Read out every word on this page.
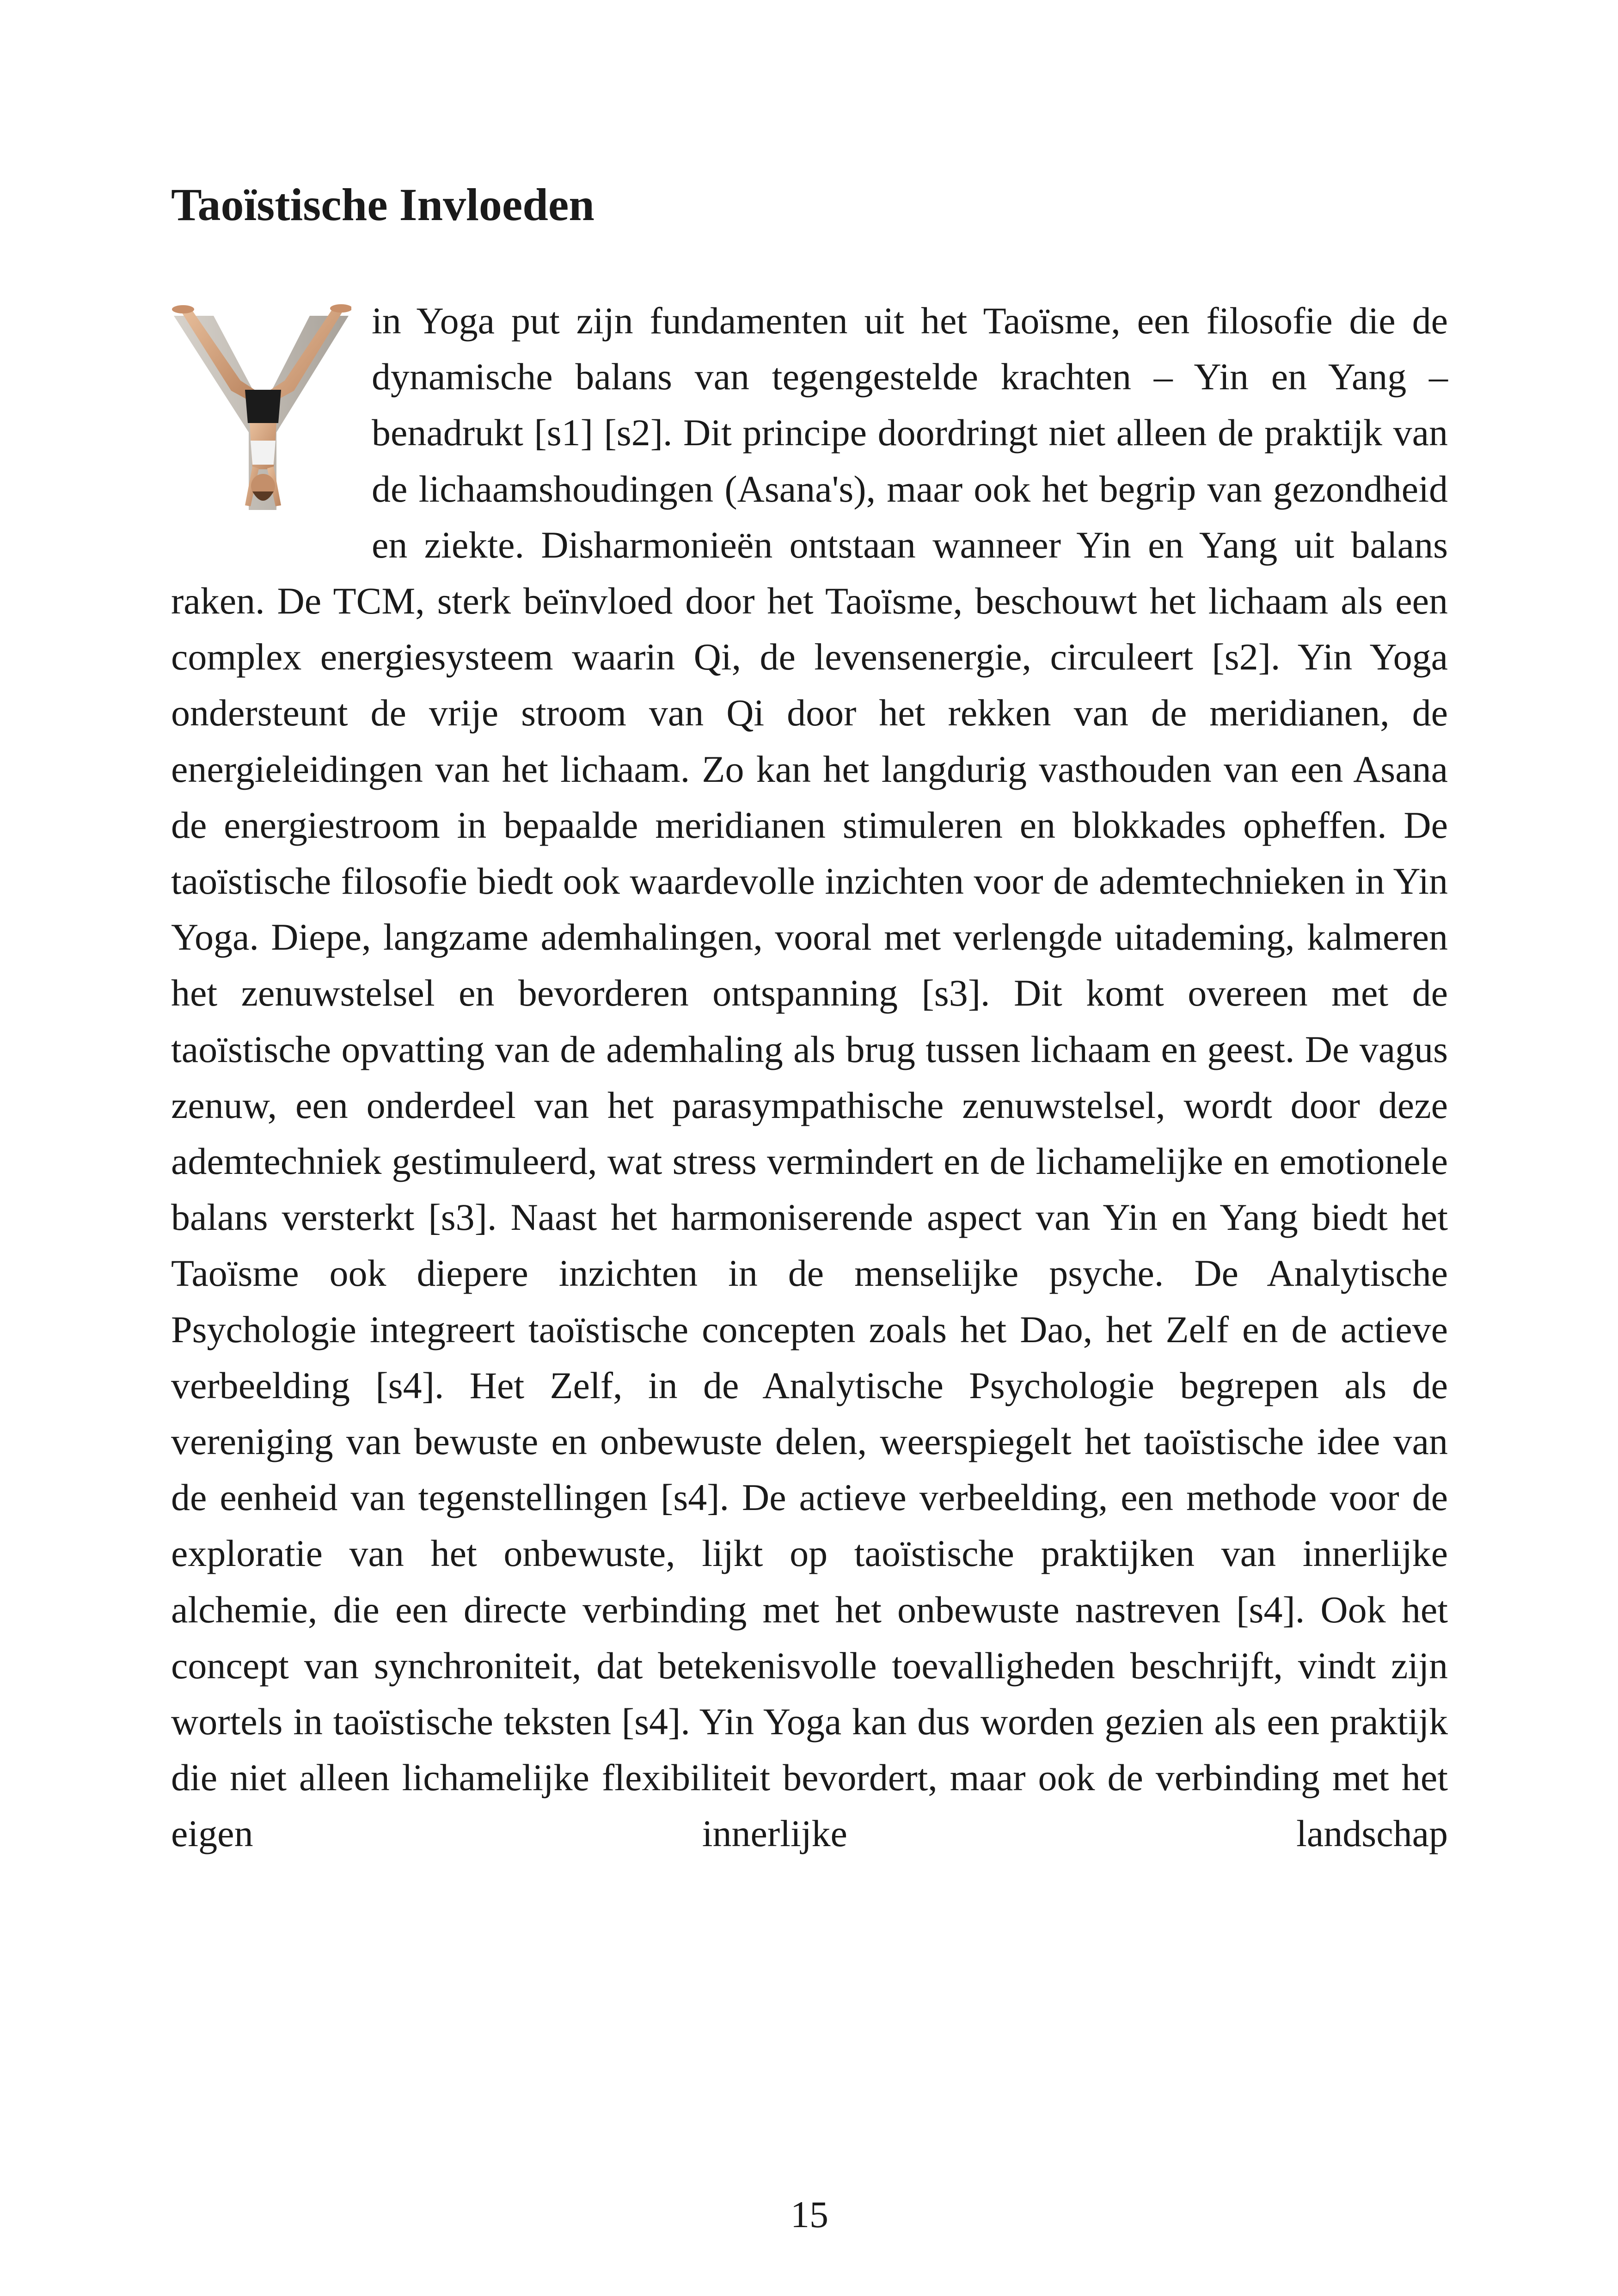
Taoïstische Invloeden

in Yoga put zijn fundamenten uit het Taoïsme, een filosofie die de dynamische balans van tegengestelde krachten – Yin en Yang – benadrukt [s1] [s2]. Dit principe doordringt niet alleen de praktijk van de lichaamshoudingen (Asana's), maar ook het begrip van gezondheid en ziekte. Disharmonieën ontstaan wanneer Yin en Yang uit balans raken. De TCM, sterk beïnvloed door het Taoïsme, beschouwt het lichaam als een complex energiesysteem waarin Qi, de levensenergie, circuleert [s2]. Yin Yoga ondersteunt de vrije stroom van Qi door het rekken van de meridianen, de energieleidingen van het lichaam. Zo kan het langdurig vasthouden van een Asana de energiestroom in bepaalde meridianen stimuleren en blokkades opheffen. De taoïstische filosofie biedt ook waardevolle inzichten voor de ademtechnieken in Yin Yoga. Diepe, langzame ademhalingen, vooral met verlengde uitademing, kalmeren het zenuwstelsel en bevorderen ontspanning [s3]. Dit komt overeen met de taoïstische opvatting van de ademhaling als brug tussen lichaam en geest. De vagus zenuw, een onderdeel van het parasympathische zenuwstelsel, wordt door deze ademtechniek gestimuleerd, wat stress vermindert en de lichamelijke en emotionele balans versterkt [s3]. Naast het harmoniserende aspect van Yin en Yang biedt het Taoïsme ook diepere inzichten in de menselijke psyche. De Analytische Psychologie integreert taoïstische concepten zoals het Dao, het Zelf en de actieve verbeelding [s4]. Het Zelf, in de Analytische Psychologie begrepen als de vereniging van bewuste en onbewuste delen, weerspiegelt het taoïstische idee van de eenheid van tegenstellingen [s4]. De actieve verbeelding, een methode voor de exploratie van het onbewuste, lijkt op taoïstische praktijken van innerlijke alchemie, die een directe verbinding met het onbewuste nastreven [s4]. Ook het concept van synchroniteit, dat betekenisvolle toevalligheden beschrijft, vindt zijn wortels in taoïstische teksten [s4]. Yin Yoga kan dus worden gezien als een praktijk die niet alleen lichamelijke flexibiliteit bevordert, maar ook de verbinding met het eigen innerlijke landschap

15
